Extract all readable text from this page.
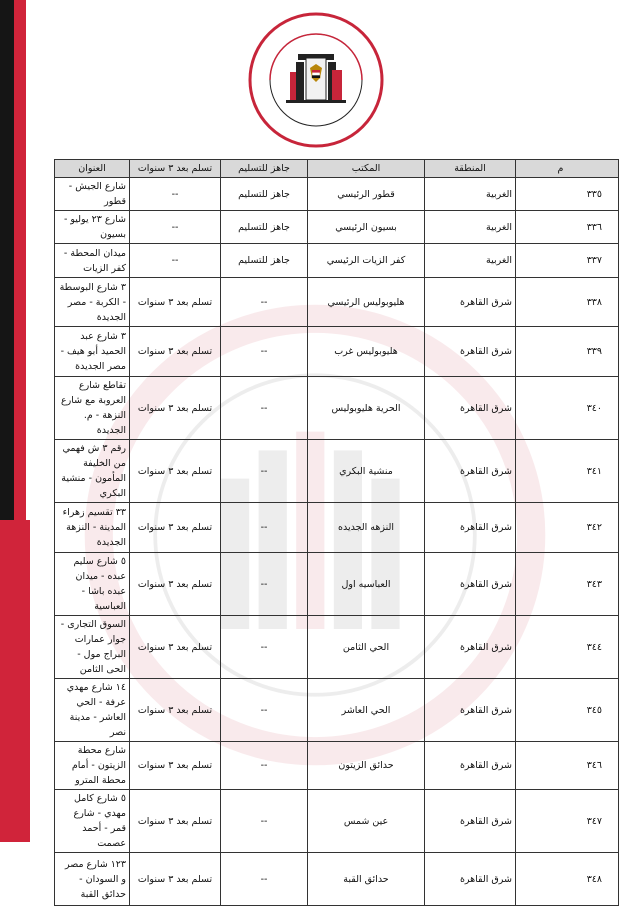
م	المنطقة	المكتب	جاهز للتسليم	تسلم بعد ٣ سنوات	العنوان
٣٣٥	الغربية	قطور الرئيسي	جاهز للتسليم	--	شارع الجيش - قطور
٣٣٦	الغربية	بسيون الرئيسي	جاهز للتسليم	--	شارع ٢٣ يوليو - بسيون
٣٣٧	الغربية	كفر الزيات الرئيسي	جاهز للتسليم	--	ميدان المحطة - كفر الزيات
٣٣٨	شرق القاهرة	هليوبوليس الرئيسي	--	تسلم بعد ٣ سنوات	٣ شارع البوسطة - الكربة - مصر الجديدة
٣٣٩	شرق القاهرة	هليوبوليس غرب	--	تسلم بعد ٣ سنوات	٣ شارع عبد الحميد أبو هيف - مصر الجديدة
٣٤٠	شرق القاهرة	الحرية هليوبوليس	--	تسلم بعد ٣ سنوات	تقاطع شارع العروبة مع شارع النزهة - م. الجديدة
٣٤١	شرق القاهرة	منشية البكري	--	تسلم بعد ٣ سنوات	رقم ٣ ش فهمي من الخليفة المأمون - منشية البكري
٣٤٢	شرق القاهرة	النزهه الجديده	--	تسلم بعد ٣ سنوات	٣٣ تقسيم زهراء المدينة - النزهة الجديدة
٣٤٣	شرق القاهرة	العباسيه اول	--	تسلم بعد ٣ سنوات	٥ شارع سليم عبده - ميدان عبده باشا - العباسية
٣٤٤	شرق القاهرة	الحي الثامن	--	تسلم بعد ٣ سنوات	السوق التجارى - جوار عمارات البراج مول - الحى الثامن
٣٤٥	شرق القاهرة	الحي العاشر	--	تسلم بعد ٣ سنوات	١٤ شارع مهدي عرفة - الحي العاشر - مدينة نصر
٣٤٦	شرق القاهرة	حدائق الزيتون	--	تسلم بعد ٣ سنوات	شارع محطة الزيتون - أمام محطة المترو
٣٤٧	شرق القاهرة	عين شمس	--	تسلم بعد ٣ سنوات	٥ شارع كامل مهدي - شارع قمر - أحمد عصمت
٣٤٨	شرق القاهرة	حدائق القبة	--	تسلم بعد ٣ سنوات	١٢٣ شارع مصر و السودان - حدائق القبة
